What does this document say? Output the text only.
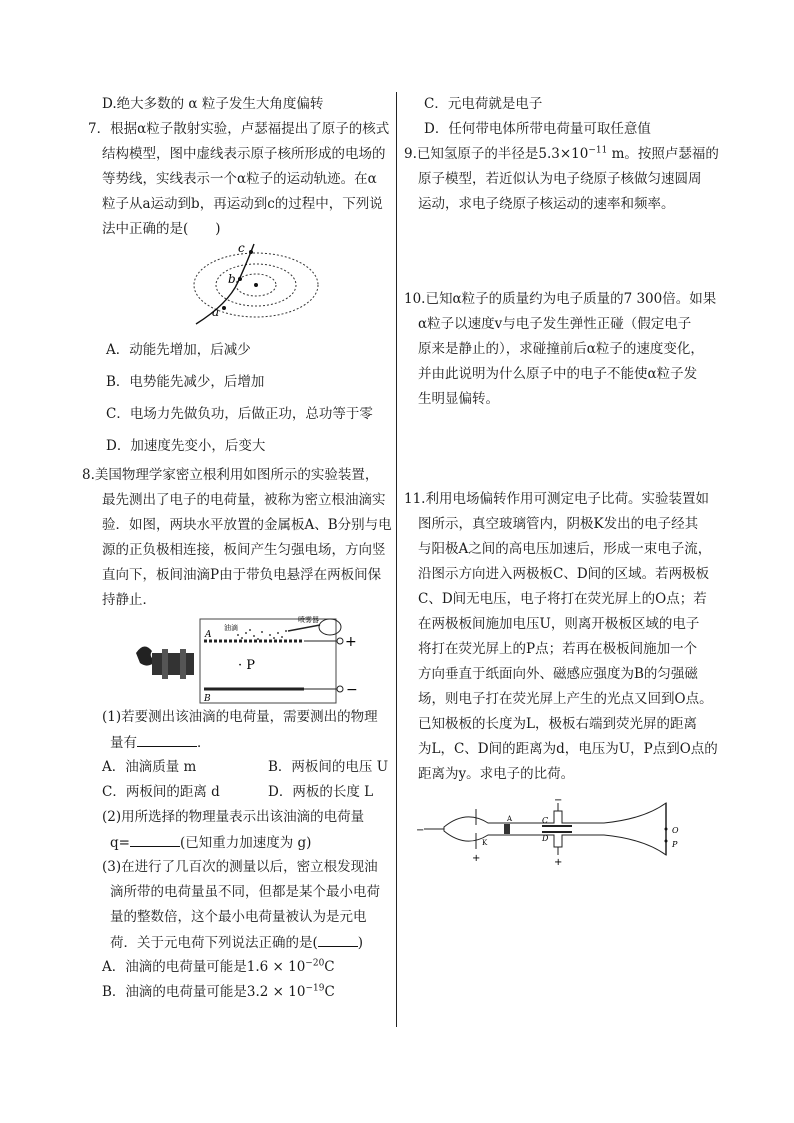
D.绝大多数的 α 粒子发生大角度偏转
7．根据α粒子散射实验，卢瑟福提出了原子的核式
结构模型，图中虚线表示原子核所形成的电场的
等势线，实线表示一个α粒子的运动轨迹。在α
粒子从a运动到b，再运动到c的过程中，下列说
法中正确的是(　　)
a
b
c
A．动能先增加，后减少
B．电势能先减少，后增加
C．电场力先做负功，后做正功，总功等于零
D．加速度先变小，后变大
8.美国物理学家密立根利用如图所示的实验装置，
最先测出了电子的电荷量，被称为密立根油滴实
验．如图，两块水平放置的金属板A、B分别与电
源的正负极相连接，板间产生匀强电场，方向竖
直向下，板间油滴P由于带负电悬浮在两板间保
持静止．
喷雾器
油滴
A
B
· P
+
−
(1)若要测出该油滴的电荷量，需要测出的物理
量有	．
A．油滴质量 m	B．两板间的电压 U
C．两板间的距离 d	D．两板的长度 L
(2)用所选择的物理量表示出该油滴的电荷量
q=	(已知重力加速度为 g)
(3)在进行了几百次的测量以后，密立根发现油
滴所带的电荷量虽不同，但都是某个最小电荷
量的整数倍，这个最小电荷量被认为是元电
荷．关于元电荷下列说法正确的是(	)
A．油滴的电荷量可能是$1.6 \times 10^{-20}C$
B．油滴的电荷量可能是$3.2 \times 10^{-19}C$
C．元电荷就是电子
D．任何带电体所带电荷量可取任意值
9.已知氢原子的半径是$5.3\times 10^{-11}$ m。按照卢瑟福的
原子模型，若近似认为电子绕原子核做匀速圆周
运动，求电子绕原子核运动的速率和频率。
10.已知α粒子的质量约为电子质量的7 300倍。如果
α粒子以速度v与电子发生弹性正碰（假定电子
原来是静止的），求碰撞前后α粒子的速度变化，
并由此说明为什么原子中的电子不能使α粒子发
生明显偏转。
11.利用电场偏转作用可测定电子比荷。实验装置如
图所示，真空玻璃管内，阴极K发出的电子经其
与阳极A之间的高电压加速后，形成一束电子流，
沿图示方向进入两极板C、D间的区域。若两极板
C、D间无电压，电子将打在荧光屏上的O点；若
在两极板间施加电压U，则离开极板区域的电子
将打在荧光屏上的P点；若再在极板间施加一个
方向垂直于纸面向外、磁感应强度为B的匀强磁
场，则电子打在荧光屏上产生的光点又回到O点。
已知极板的长度为L，极板右端到荧光屏的距离
为L，C、D间的距离为d，电压为U，P点到O点的
距离为y。求电子的比荷。
A
K
C
D
O
P
−
+
−
+
